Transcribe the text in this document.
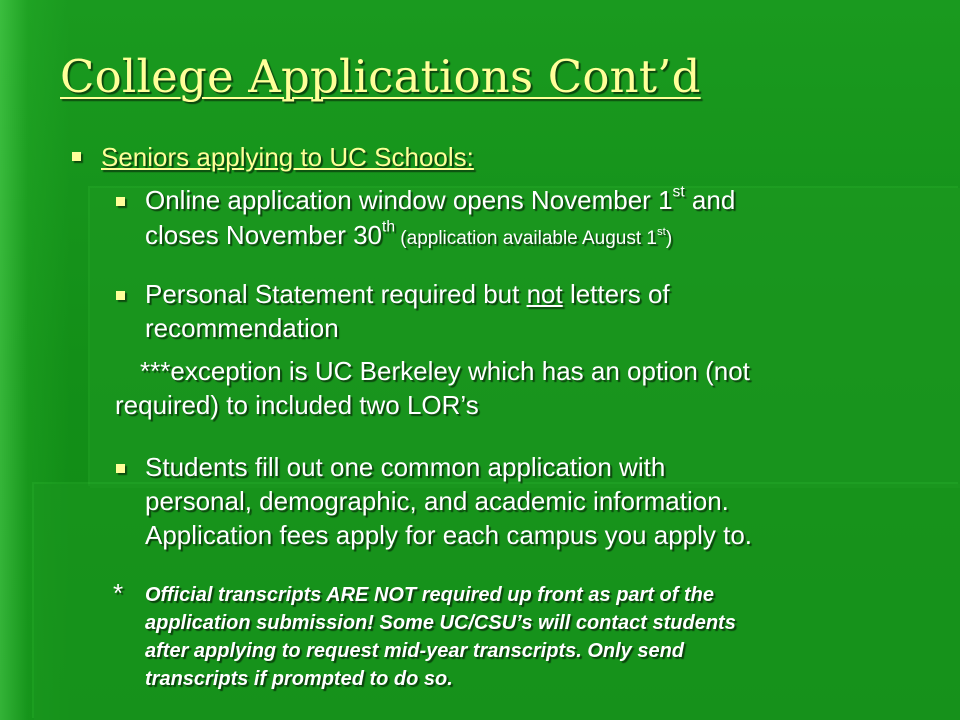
College Applications Cont’d
Seniors applying to UC Schools:
Online application window opens November 1st and
closes November 30th (application available August 1st)
Personal Statement required but not letters of
recommendation
***exception is UC Berkeley which has an option (not
required) to included two LOR’s
Students fill out one common application with
personal, demographic, and academic information.
Application fees apply for each campus you apply to.
* Official transcripts ARE NOT required up front as part of the
application submission! Some UC/CSU’s will contact students
after applying to request mid-year transcripts. Only send
transcripts if prompted to do so.
